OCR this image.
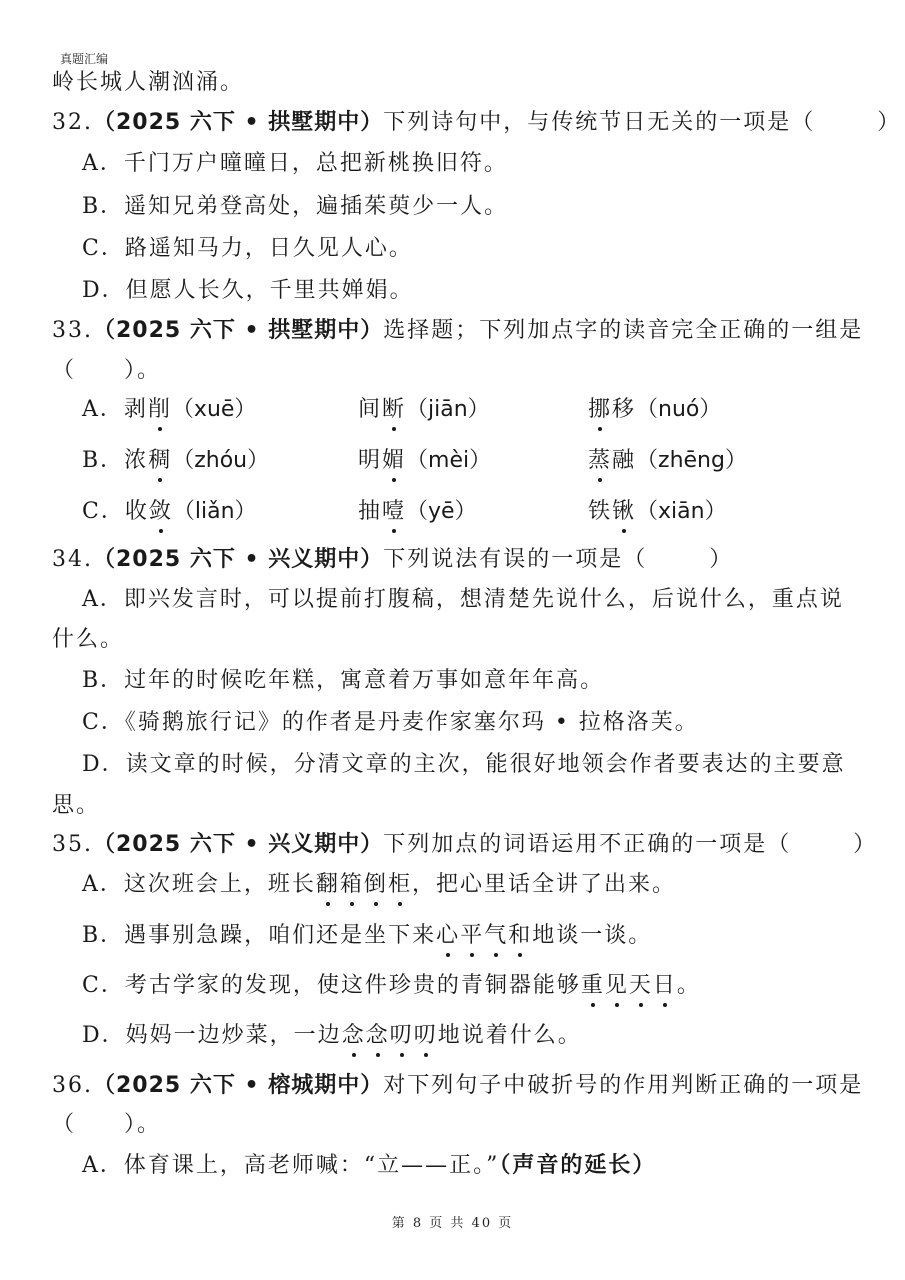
真题汇编
岭长城人潮汹涌。
32.（2025 六下 • 拱墅期中）下列诗句中，与传统节日无关的一项是（	）
A．千门万户曈曈日，总把新桃换旧符。
B．遥知兄弟登高处，遍插茱萸少一人。
C．路遥知马力，日久见人心。
D．但愿人长久，千里共婵娟。
33.（2025 六下 • 拱墅期中）选择题；下列加点字的读音完全正确的一组是
（　　）。
A．剥削（xuē）	间断（jiān）	挪移（nuó）
B．浓稠（zhóu）	明媚（mèi）	蒸融（zhēng）
C．收敛（liǎn）	抽噎（yē）	铁锹（xiān）
34.（2025 六下 • 兴义期中）下列说法有误的一项是（	）
A．即兴发言时，可以提前打腹稿，想清楚先说什么，后说什么，重点说
什么。
B．过年的时候吃年糕，寓意着万事如意年年高。
C．《骑鹅旅行记》的作者是丹麦作家塞尔玛 • 拉格洛芙。
D．读文章的时候，分清文章的主次，能很好地领会作者要表达的主要意
思。
35.（2025 六下 • 兴义期中）下列加点的词语运用不正确的一项是（	）
A．这次班会上，班长翻箱倒柜，把心里话全讲了出来。
B．遇事别急躁，咱们还是坐下来心平气和地谈一谈。
C．考古学家的发现，使这件珍贵的青铜器能够重见天日。
D．妈妈一边炒菜，一边念念叨叨地说着什么。
36.（2025 六下 • 榕城期中）对下列句子中破折号的作用判断正确的一项是
（　　）。
A．体育课上，高老师喊：“立——正。”（声音的延长）
第 8 页 共 40 页
